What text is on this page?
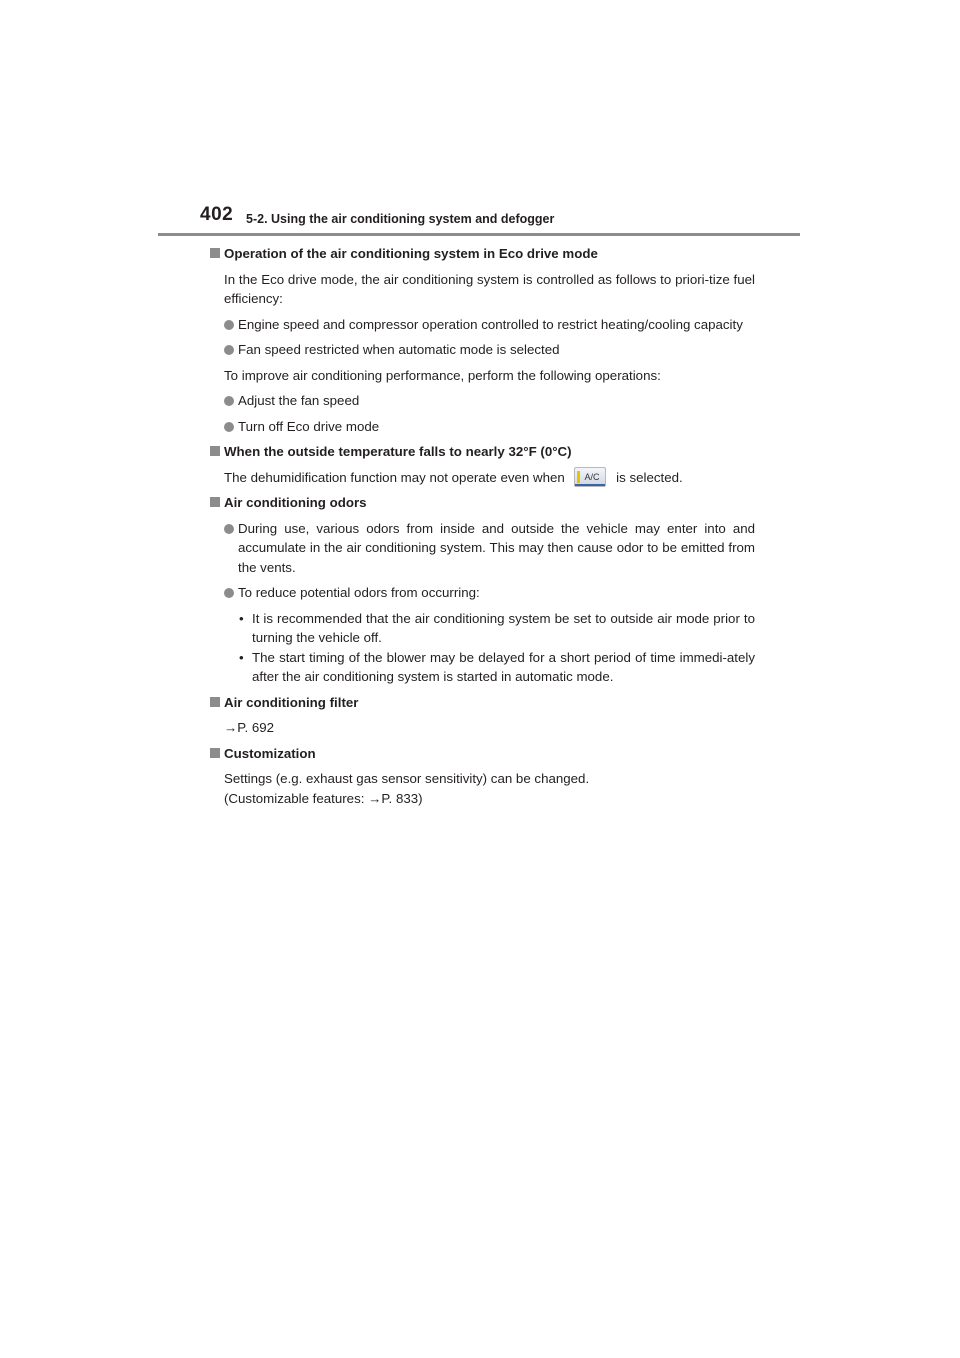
402 5-2. Using the air conditioning system and defogger
Operation of the air conditioning system in Eco drive mode

In the Eco drive mode, the air conditioning system is controlled as follows to priori-tize fuel efficiency:

Engine speed and compressor operation controlled to restrict heating/cooling capacity

Fan speed restricted when automatic mode is selected

To improve air conditioning performance, perform the following operations:

Adjust the fan speed

Turn off Eco drive mode

When the outside temperature falls to nearly 32°F (0°C)

The dehumidification function may not operate even when A/C is selected.

Air conditioning odors

During use, various odors from inside and outside the vehicle may enter into and accumulate in the air conditioning system. This may then cause odor to be emitted from the vents.

To reduce potential odors from occurring:

• It is recommended that the air conditioning system be set to outside air mode prior to turning the vehicle off.

• The start timing of the blower may be delayed for a short period of time immedi-ately after the air conditioning system is started in automatic mode.

Air conditioning filter

→P. 692

Customization

Settings (e.g. exhaust gas sensor sensitivity) can be changed.

(Customizable features: →P. 833)
